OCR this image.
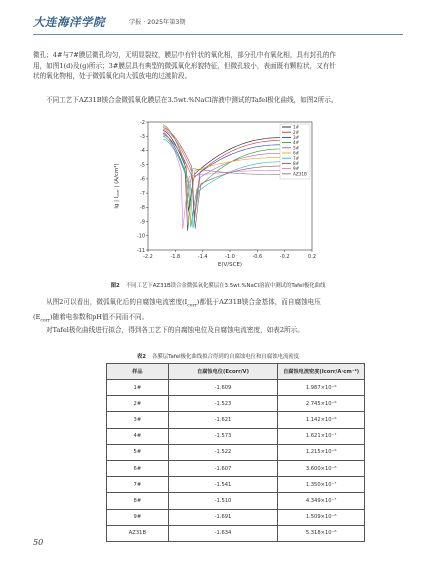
大连海洋学院	学报 · 2025年第3期

微孔；4#与7#膜层微孔均匀，无明显裂纹，膜层中有针状的氧化相，部分孔中有氧化相，具有封孔的作
用，如图1(d)及(g)所示；3#膜层具有典型的微弧氧化形貌特征，但微孔较小，表面既有颗粒状，又有针
状的氧化物相，处于微弧氧化向大弧放电的过渡阶段。

不同工艺下AZ31B镁合金微弧氧化膜层在3.5wt.%NaCl溶液中测试的Tafel极化曲线，如图2所示。

-2
-3
-4
-5
-6
-7
-8
-9
-10
-11
-2.2	-1.8	-1.4	-1.0	-0.6	-0.2	0.2
E(V/SCE)
lg | $I_{corr}$ | (A/cm²)
1#
2#
3#
4#
5#
6#
7#
8#
9#
AZ31B
图2 不同工艺下AZ31B镁合金微弧氧化膜层在3.5wt.%NaCl溶液中测试的Tafel极化曲线

从图2可以看出，微弧氧化后的自腐蚀电流密度$(I_{corr})$都低于AZ31B镁合金基体，而自腐蚀电压
$(E_{corr})$随着电参数和pH值不同而不同。

对Tafel极化曲线进行拟合，得到各工艺下的自腐蚀电位及自腐蚀电流密度，如表2所示。

表2 各膜层Tafel极化曲线拟合得到的自腐蚀电位和自腐蚀电流密度
样品	自腐蚀电位(Ecorr/V)	自腐蚀电流密度(Icorr/A·cm⁻²)
1#	-1.609	1.987×10⁻⁶
2#	-1.523	2.745×10⁻⁶
3#	-1.621	1.142×10⁻⁶
4#	-1.573	1.621×10⁻⁷
5#	-1.522	1.215×10⁻⁶
6#	-1.607	3.600×10⁻⁶
7#	-1.541	1.350×10⁻⁷
8#	-1.510	4.349×10⁻⁷
9#	-1.691	1.509×10⁻⁶
AZ31B	-1.634	5.318×10⁻⁶
50
